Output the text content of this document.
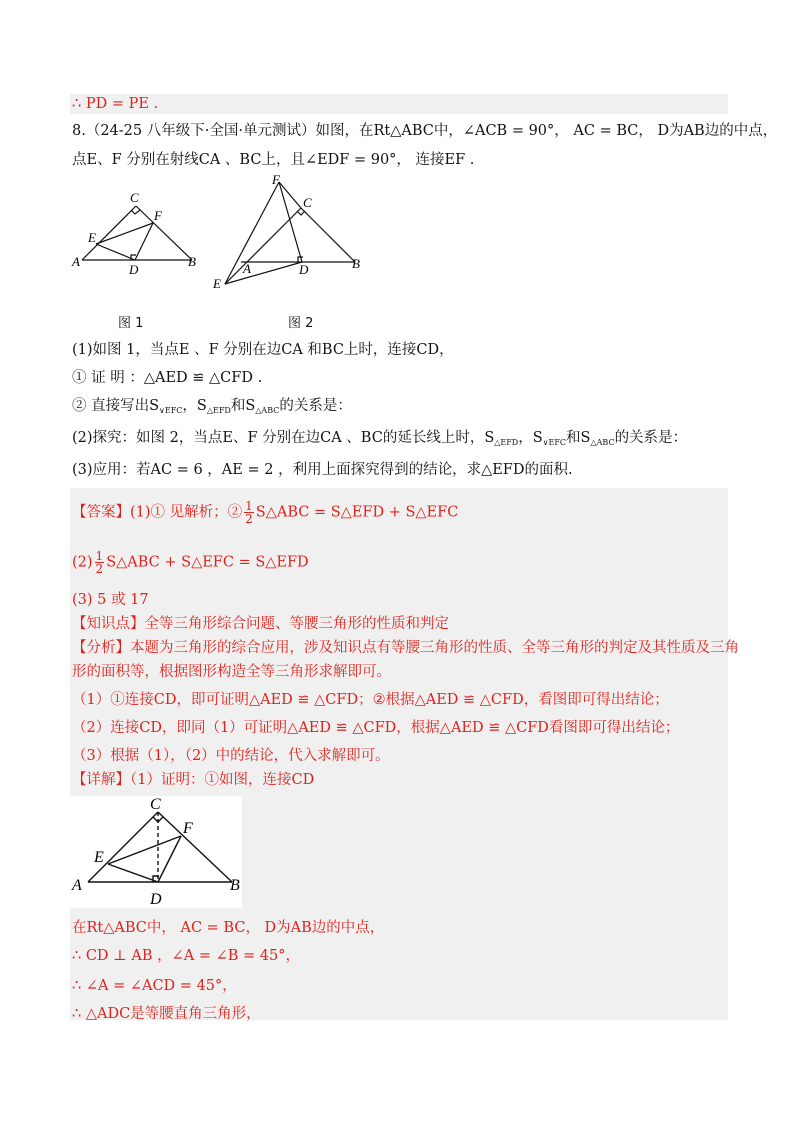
∴ PD = PE .
8.（24-25 八年级下·全国·单元测试）如图，在Rt△ABC中，∠ACB = 90°， AC = BC， D为AB边的中点，
点E、F 分别在射线CA 、BC上，且∠EDF = 90°， 连接EF .
C
F
E
A
D
B
图 1
F
C
A	D	B
E
图 2
(1)如图 1，当点E 、F 分别在边CA 和BC上时，连接CD，
① 证 明 ：△AED ≌ △CFD .
② 直接写出$S_{\vee EFC}$，$S_{\triangle EFD}$和$S_{\triangle ABC}$的关系是：
(2)探究：如图 2，当点E、F 分别在边CA 、BC的延长线上时，$S_{\triangle EFD}$，$S_{\vee EFC}$和$S_{\triangle ABC}$的关系是：
(3)应用：若AC = 6 ，AE = 2 ，利用上面探究得到的结论，求△EFD的面积.
【答案】(1)① 见解析；② $\frac{1}{2}$ S△ABC = S△EFD + S△EFC
$(2) \frac{1}{2}$ S△ABC + S△EFC = S△EFD
(3) 5 或 17
【知识点】全等三角形综合问题、等腰三角形的性质和判定
【分析】本题为三角形的综合应用，涉及知识点有等腰三角形的性质、全等三角形的判定及其性质及三角
形的面积等，根据图形构造全等三角形求解即可。
（1）①连接CD，即可证明△AED ≌ △CFD；②根据△AED ≌ △CFD，看图即可得出结论；
（2）连接CD，即同（1）可证明△AED ≌ △CFD，根据△AED ≌ △CFD看图即可得出结论；
（3）根据（1），（2）中的结论，代入求解即可。
【详解】（1）证明：①如图，连接CD
C
F
E
A
D
B
在Rt△ABC中， AC = BC， D为AB边的中点，
∴ CD ⊥ AB ，∠A = ∠B = 45°，
∴ ∠A = ∠ACD = 45°，
∴ △ADC是等腰直角三角形，
